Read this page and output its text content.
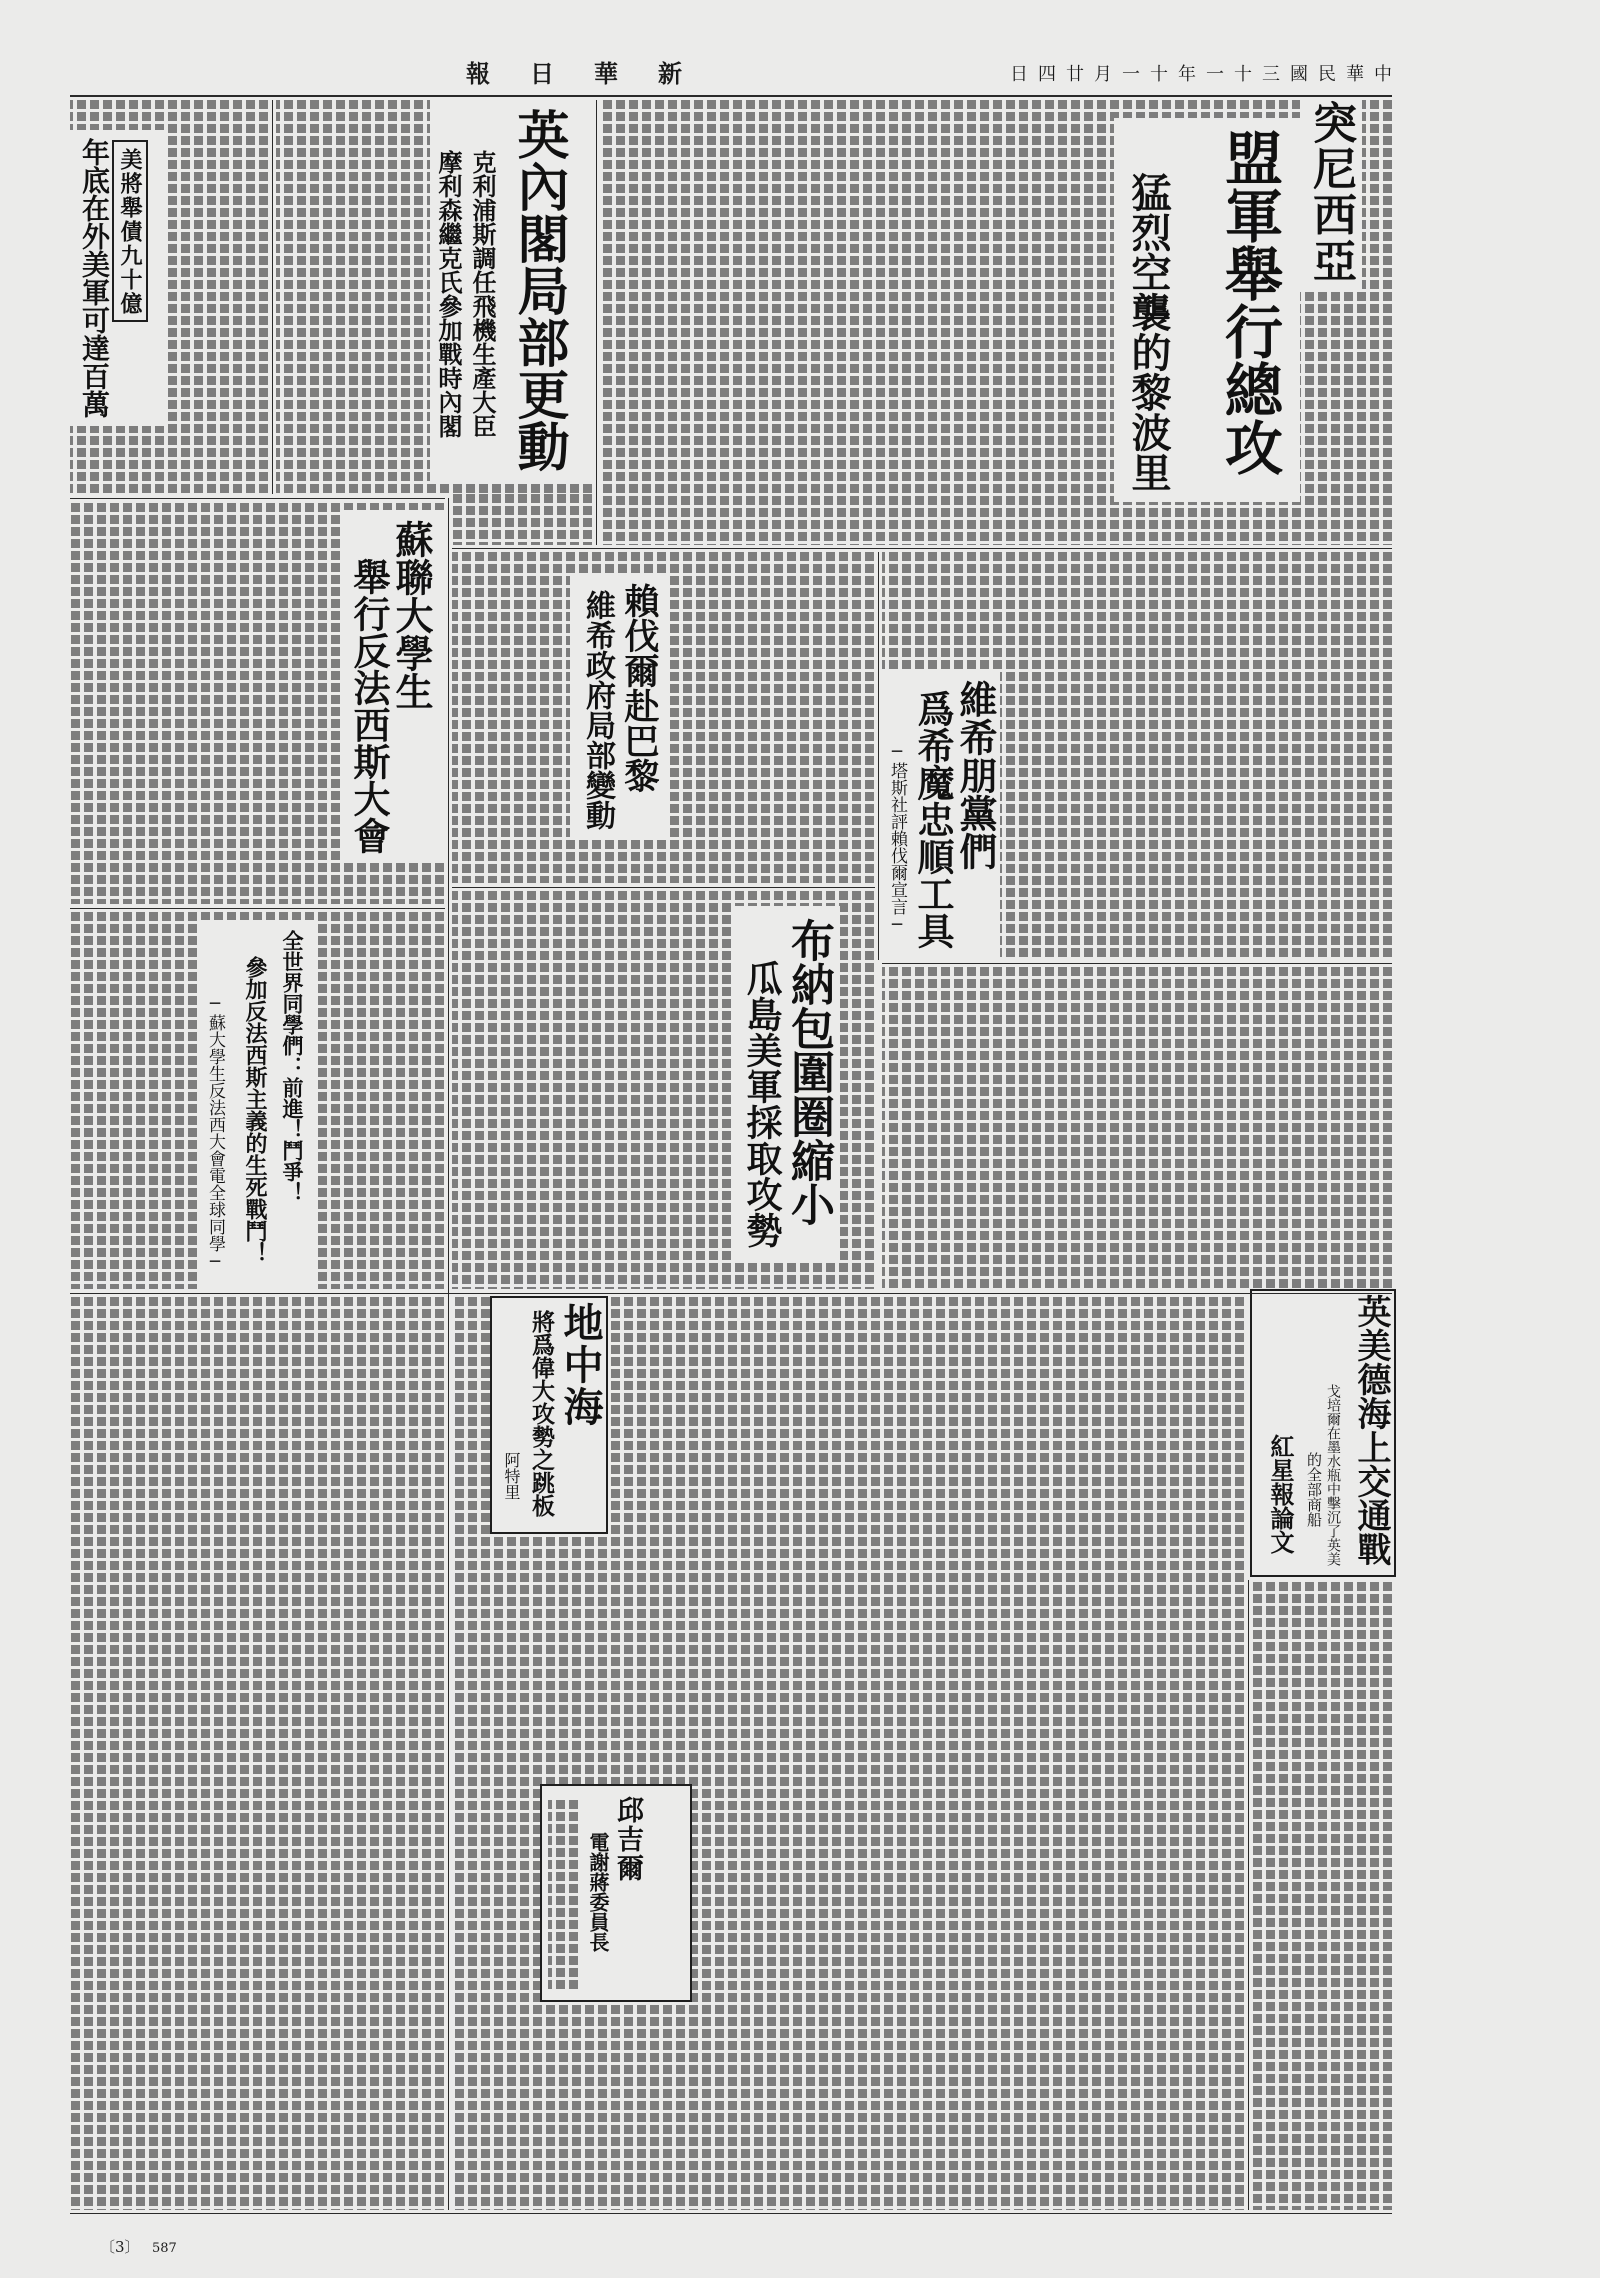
新華日報	中華民國三十一年十一月廿四日
突尼西亞
盟軍舉行總攻
猛烈空襲的黎波里
英內閣局部更動
克利浦斯調任飛機生產大臣
摩利森繼克氏參加戰時內閣
美將舉債九十億
年底在外美軍可達百萬
蘇聯大學生
舉行反法西斯大會
全世界同學們：前進！鬥爭！
參加反法西斯主義的生死戰鬥！
─蘇大學生反法西大會電全球同學─
賴伐爾赴巴黎
維希政府局部變動	維希朋黨們
爲希魔忠順工具
─塔斯社評賴伐爾宣言─
布納包圍圈縮小
瓜島美軍採取攻勢
地中海
將爲偉大攻勢之跳板
阿特里	英美德海上交通戰
戈培爾在墨水瓶中擊沉了英美
的全部商船
紅星報論文
邱吉爾
電謝蔣委員長
〔3〕 587
